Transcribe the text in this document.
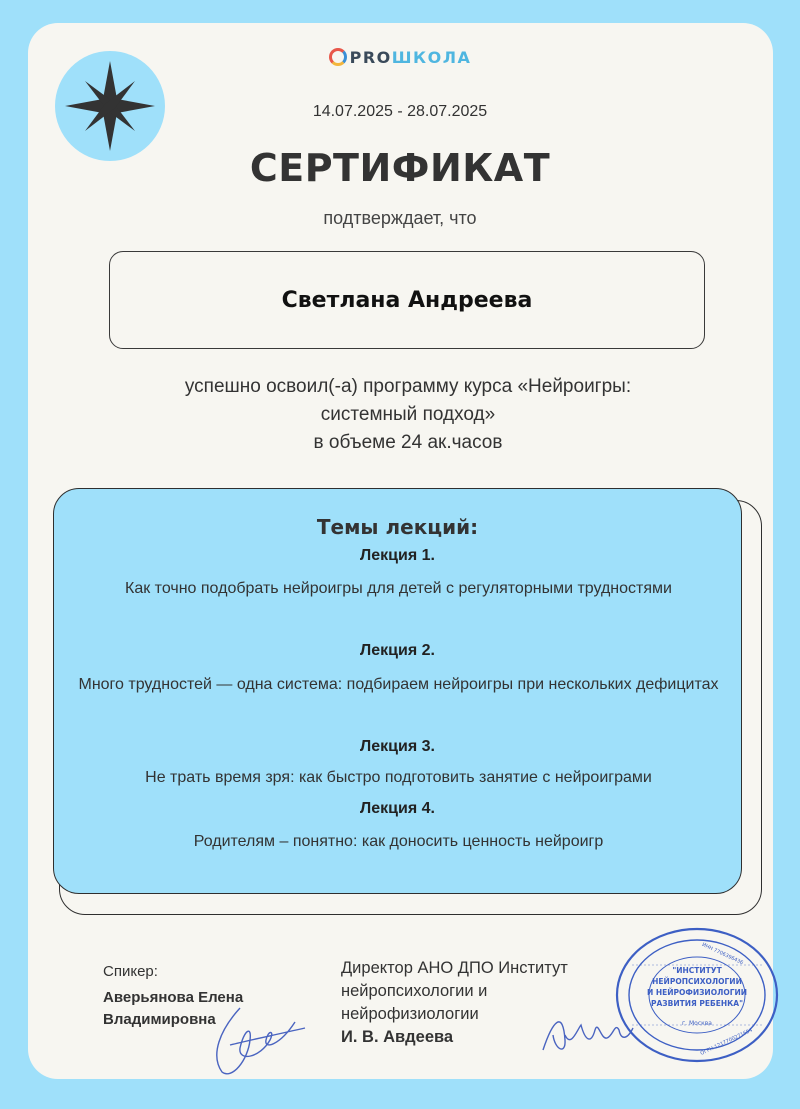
PROШКОЛА
14.07.2025 - 28.07.2025
СЕРТИФИКАТ
подтверждает, что
Светлана Андреева
успешно освоил(-а) программу курса «Нейроигры:
системный подход»
в объеме 24 ак.часов
Темы лекций:
Лекция 1.
Как точно подобрать нейроигры для детей с регуляторными трудностями
Лекция 2.
Много трудностей — одна система: подбираем нейроигры при нескольких дефицитах
Лекция 3.
Не трать время зря: как быстро подготовить занятие с нейроиграми
Лекция 4.
Родителям – понятно: как доносить ценность нейроигр
Спикер:
Аверьянова Елена
Владимировна
Директор АНО ДПО Институт
нейропсихологии и
нейрофизиологии
И. В. Авдеева
"ИНСТИТУТ
НЕЙРОПСИХОЛОГИИ
И НЕЙРОФИЗИОЛОГИИ
РАЗВИТИЯ РЕБЕНКА"
г. Москва
ИНН 7706396436
ОГРН 1217700271654
